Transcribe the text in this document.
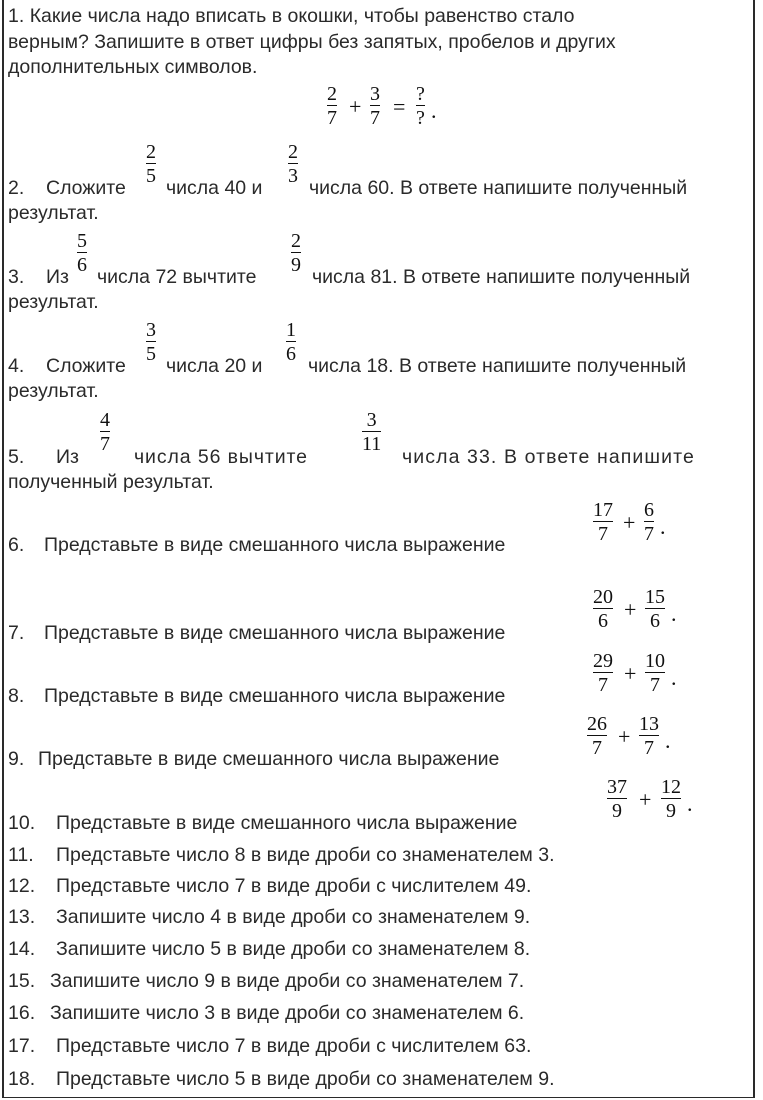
1. Какие числа надо вписать в окошки, чтобы равенство стало
верным? Запишите в ответ цифры без запятых, пробелов и других
дополнительных символов.
2
7 + 3
7 = ?
? .
2. Сложите
2
5
числа 40 и
2
3
числа 60. В ответе напишите полученный
результат.
3. Из
5
6
числа 72 вычтите
2
9
числа 81. В ответе напишите полученный
результат.
4. Сложите
3
5
числа 20 и
1
6
числа 18. В ответе напишите полученный
результат.
5. Из
4
7
числа 56 вычтите
3
11
числа 33. В ответе напишите
полученный результат.
6. Представьте в виде смешанного числа выражение
17
7 + 6
7 .
7. Представьте в виде смешанного числа выражение
20
6 + 15
6 .
8. Представьте в виде смешанного числа выражение
29
7 + 10
7 .
9. Представьте в виде смешанного числа выражение
26
7 + 13
7 .
10. Представьте в виде смешанного числа выражение
37
9 + 12
9 .
11. Представьте число 8 в виде дроби со знаменателем 3.
12. Представьте число 7 в виде дроби с числителем 49.
13. Запишите число 4 в виде дроби со знаменателем 9.
14. Запишите число 5 в виде дроби со знаменателем 8.
15. Запишите число 9 в виде дроби со знаменателем 7.
16. Запишите число 3 в виде дроби со знаменателем 6.
17. Представьте число 7 в виде дроби с числителем 63.
18. Представьте число 5 в виде дроби со знаменателем 9.
